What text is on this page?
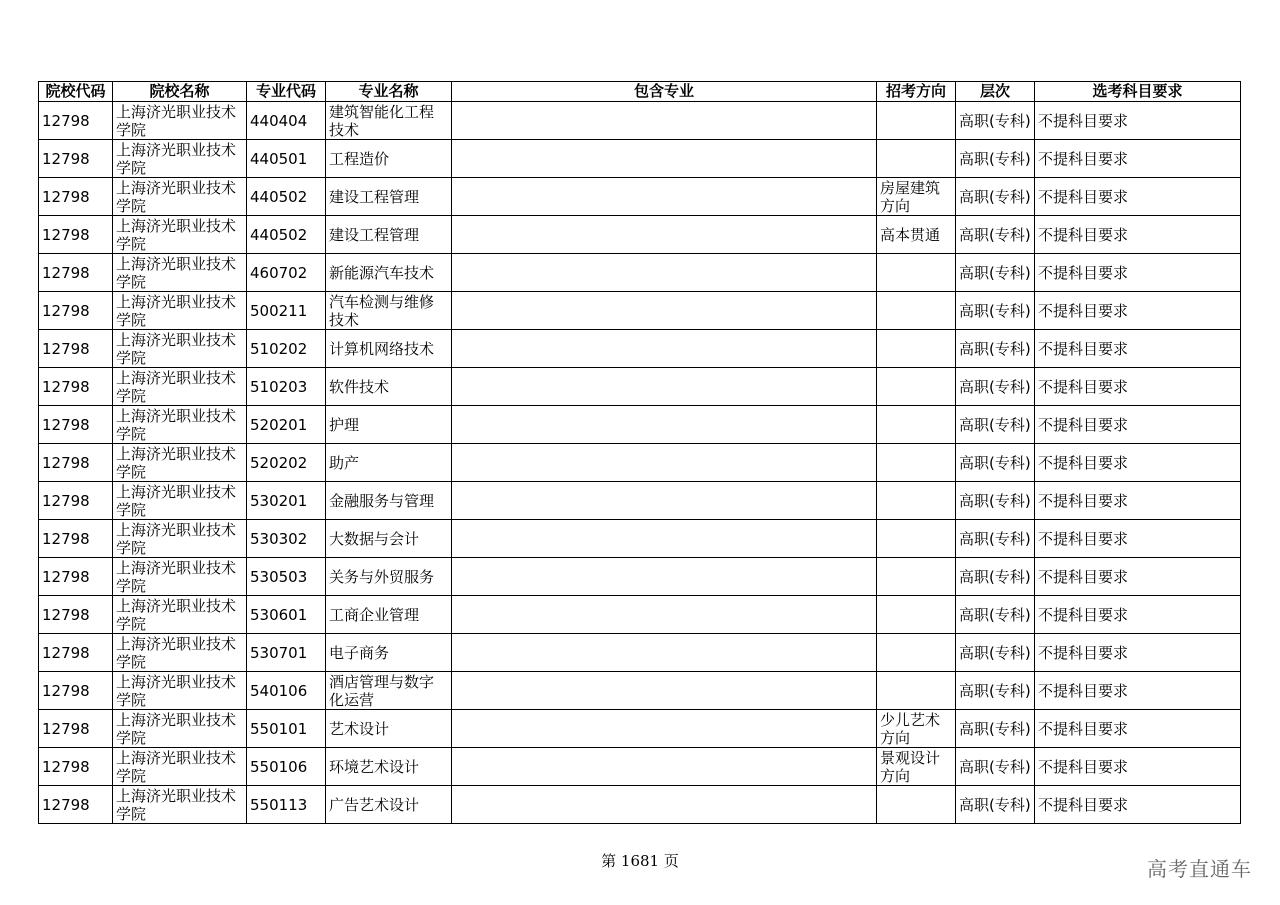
院校代码	院校名称	专业代码	专业名称	包含专业	招考方向	层次	选考科目要求
12798	上海济光职业技术学院	440404	建筑智能化工程技术			高职(专科)	不提科目要求
12798	上海济光职业技术学院	440501	工程造价			高职(专科)	不提科目要求
12798	上海济光职业技术学院	440502	建设工程管理		房屋建筑方向	高职(专科)	不提科目要求
12798	上海济光职业技术学院	440502	建设工程管理		高本贯通	高职(专科)	不提科目要求
12798	上海济光职业技术学院	460702	新能源汽车技术			高职(专科)	不提科目要求
12798	上海济光职业技术学院	500211	汽车检测与维修技术			高职(专科)	不提科目要求
12798	上海济光职业技术学院	510202	计算机网络技术			高职(专科)	不提科目要求
12798	上海济光职业技术学院	510203	软件技术			高职(专科)	不提科目要求
12798	上海济光职业技术学院	520201	护理			高职(专科)	不提科目要求
12798	上海济光职业技术学院	520202	助产			高职(专科)	不提科目要求
12798	上海济光职业技术学院	530201	金融服务与管理			高职(专科)	不提科目要求
12798	上海济光职业技术学院	530302	大数据与会计			高职(专科)	不提科目要求
12798	上海济光职业技术学院	530503	关务与外贸服务			高职(专科)	不提科目要求
12798	上海济光职业技术学院	530601	工商企业管理			高职(专科)	不提科目要求
12798	上海济光职业技术学院	530701	电子商务			高职(专科)	不提科目要求
12798	上海济光职业技术学院	540106	酒店管理与数字化运营			高职(专科)	不提科目要求
12798	上海济光职业技术学院	550101	艺术设计		少儿艺术方向	高职(专科)	不提科目要求
12798	上海济光职业技术学院	550106	环境艺术设计		景观设计方向	高职(专科)	不提科目要求
12798	上海济光职业技术学院	550113	广告艺术设计			高职(专科)	不提科目要求
第 1681 页	高考直通车
